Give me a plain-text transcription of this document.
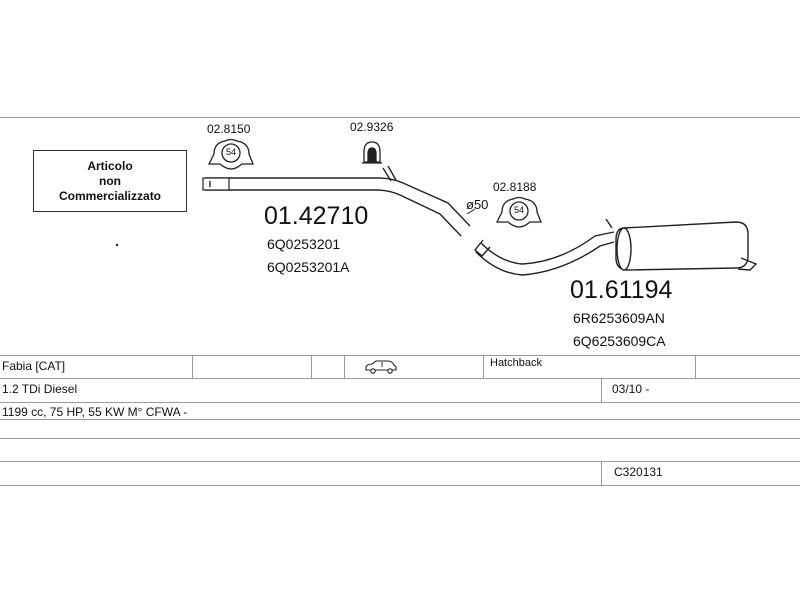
54
54
Articolo
non
Commercializzato
02.8150	02.9326
02.8188
ø50
01.42710
6Q0253201
6Q0253201A
01.61194
6R6253609AN
6Q6253609CA
Fabia [CAT]	Hatchback
1.2 TDi Diesel	03/10 -
1199 cc, 75 HP, 55 KW M° CFWA -
C320131
